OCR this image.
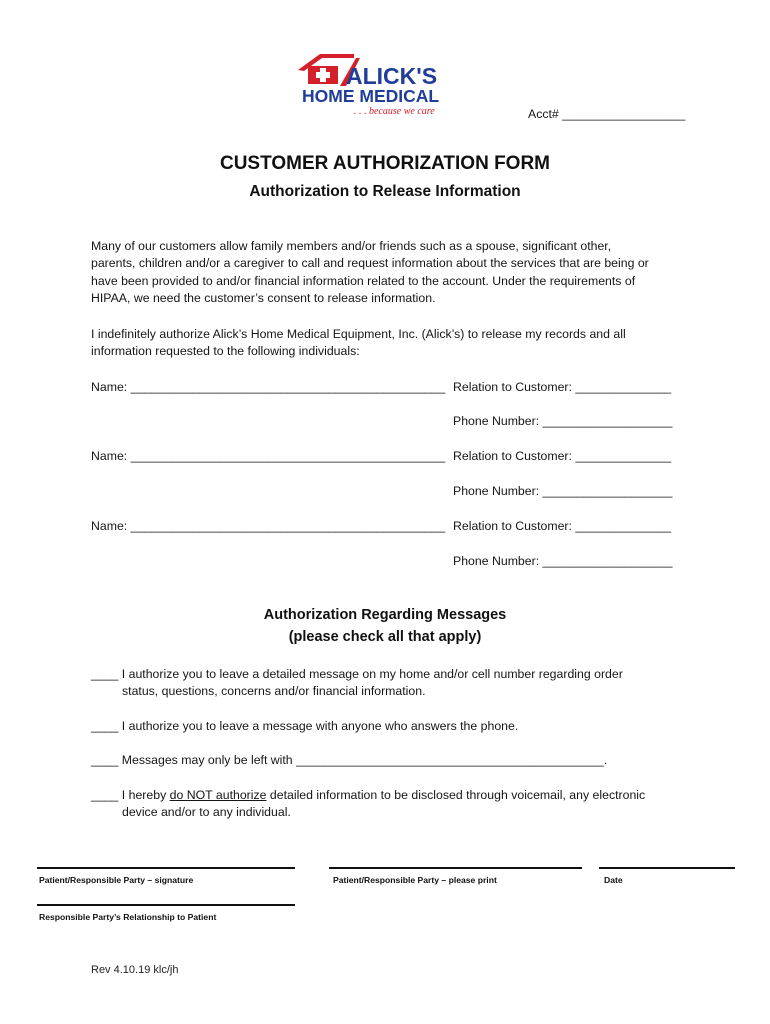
ALICK'S
HOME MEDICAL
. . . because we care	Acct# __________________
CUSTOMER AUTHORIZATION FORM
Authorization to Release Information
Many of our customers allow family members and/or friends such as a spouse, significant other,
parents, children and/or a caregiver to call and request information about the services that are being or
have been provided to and/or financial information related to the account. Under the requirements of
HIPAA, we need the customer’s consent to release information.
I indefinitely authorize Alick’s Home Medical Equipment, Inc. (Alick’s) to release my records and all
information requested to the following individuals:
Name: ______________________________________________ Relation to Customer: ______________
Phone Number: ___________________
Name: ______________________________________________ Relation to Customer: ______________
Phone Number: ___________________
Name: ______________________________________________ Relation to Customer: ______________
Phone Number: ___________________
Authorization Regarding Messages
(please check all that apply)
____ I authorize you to leave a detailed message on my home and/or cell number regarding order
status, questions, concerns and/or financial information.
____ I authorize you to leave a message with anyone who answers the phone.
____ Messages may only be left with _____________________________________________.
____ I hereby do NOT authorize detailed information to be disclosed through voicemail, any electronic
device and/or to any individual.
Patient/Responsible Party – signature	Patient/Responsible Party – please print	Date
Responsible Party’s Relationship to Patient
Rev 4.10.19 klc/jh
